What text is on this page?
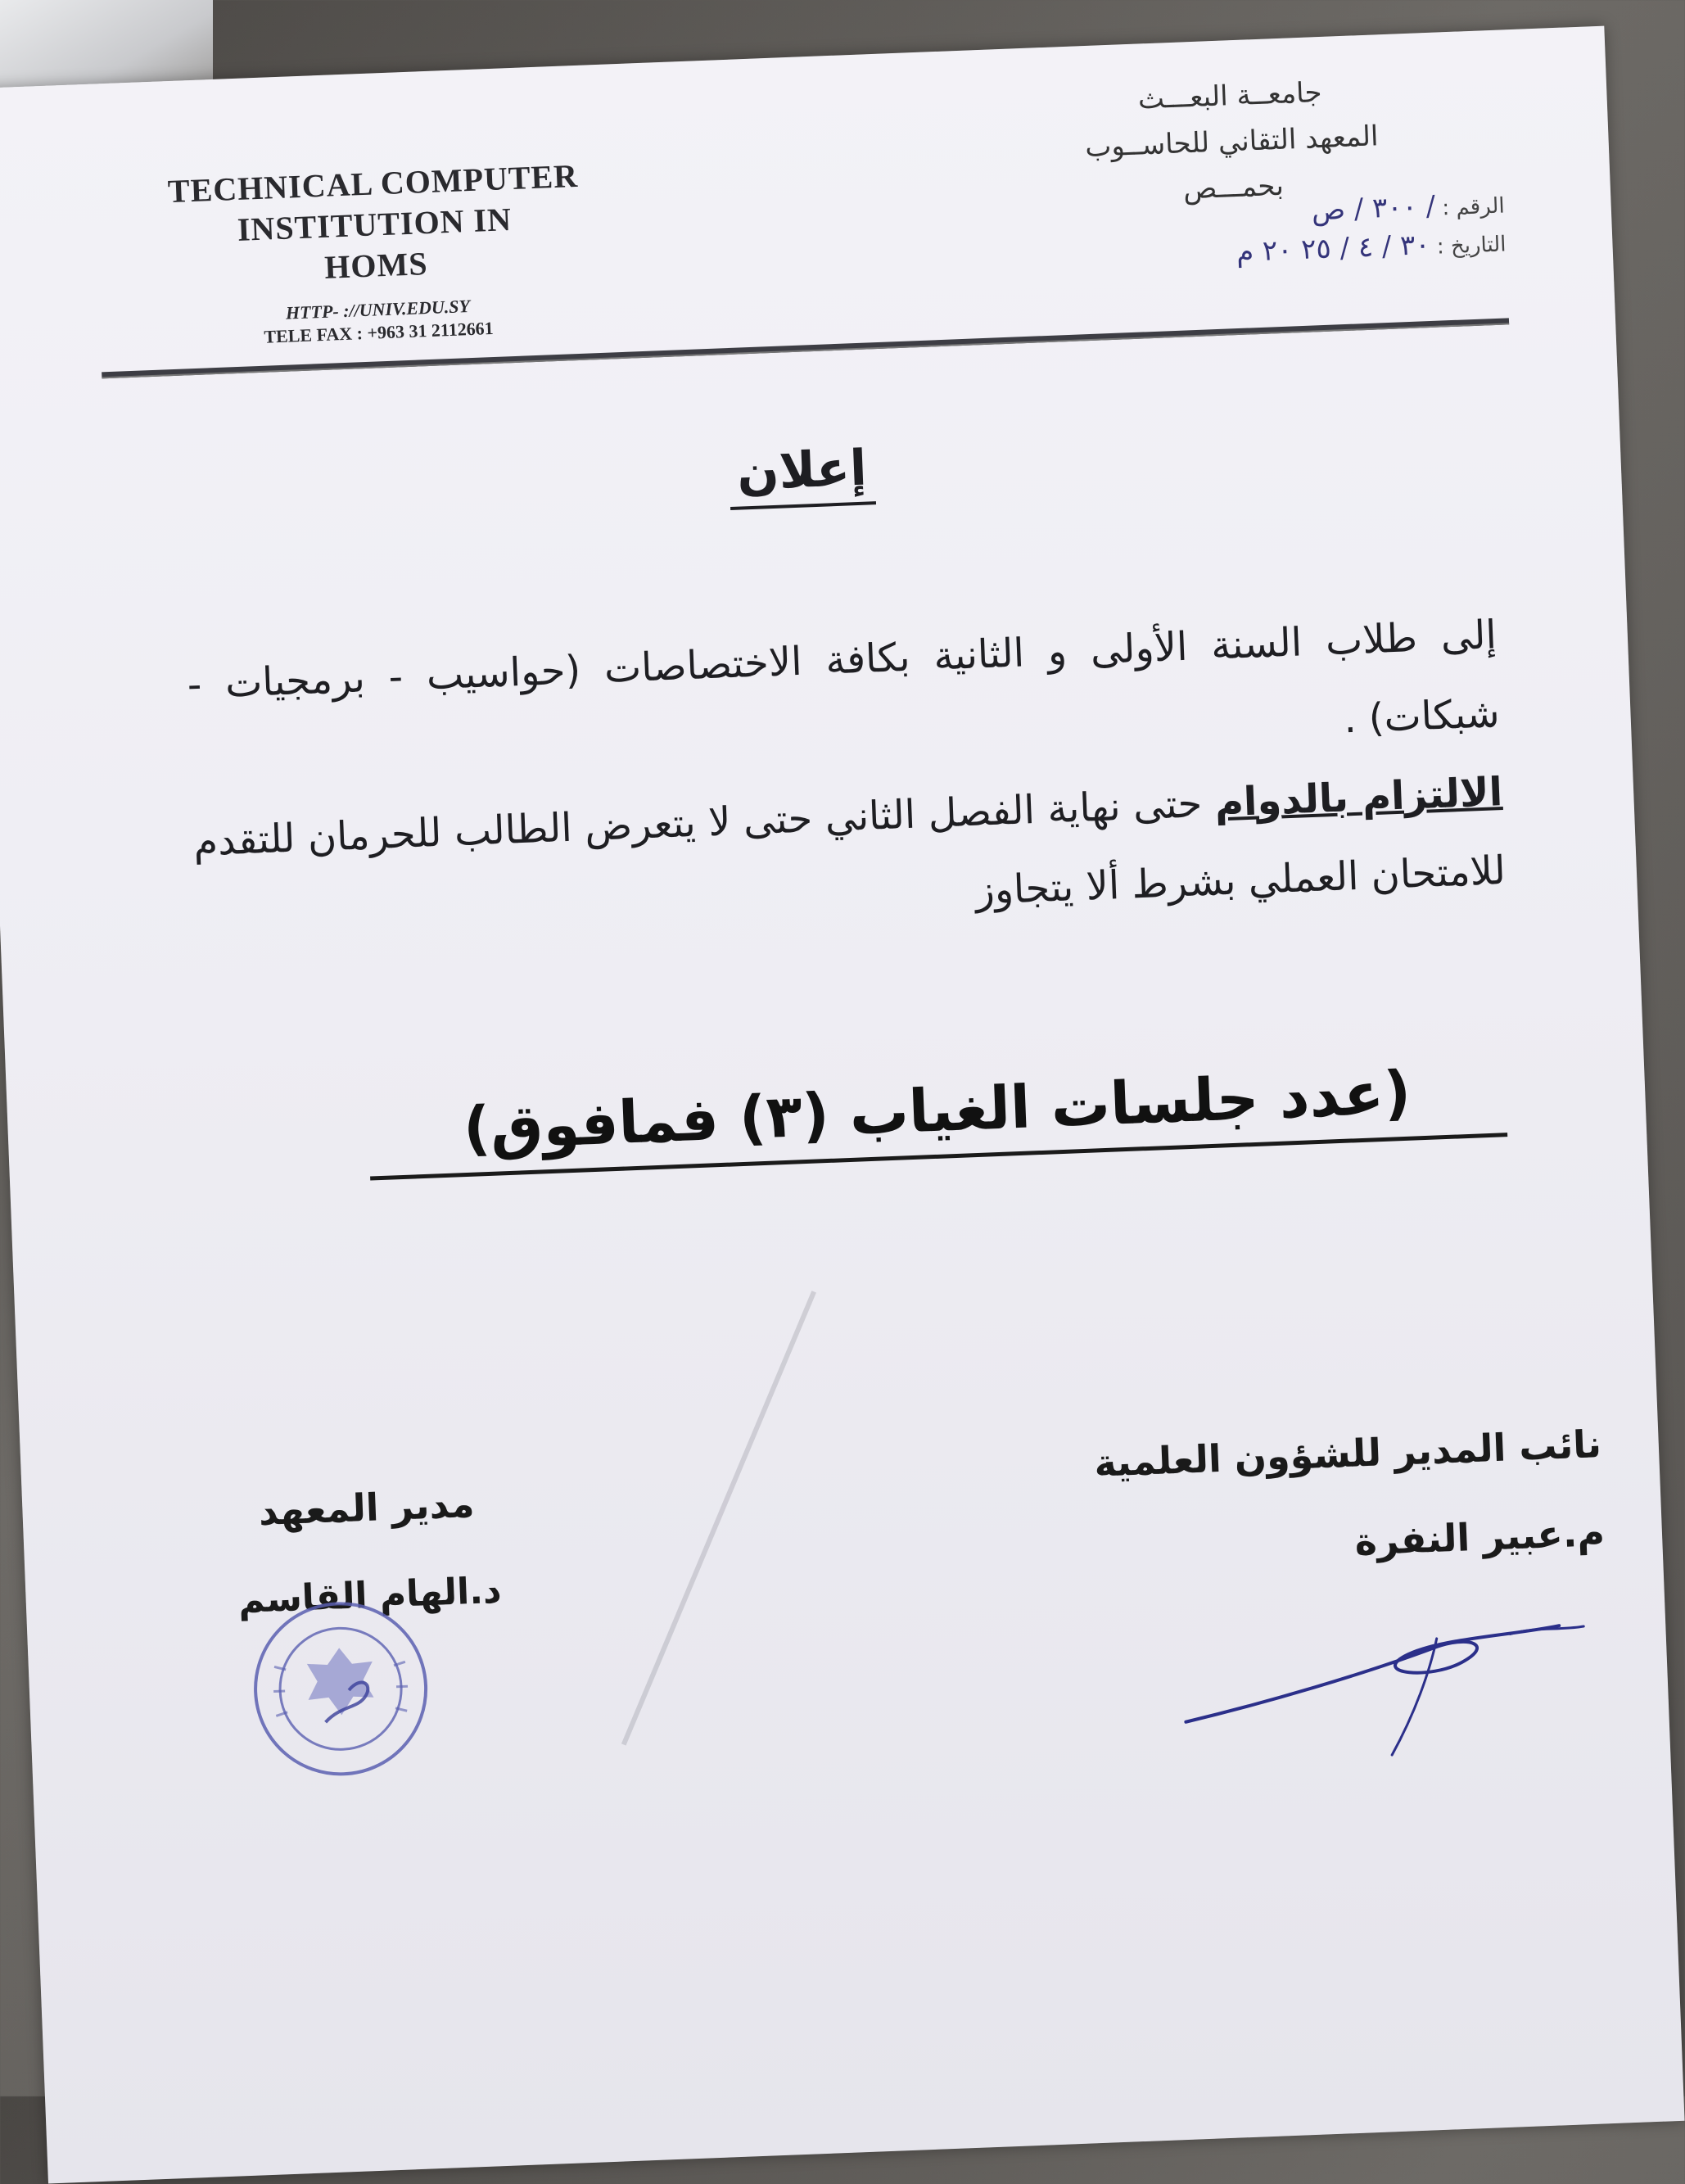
TECHNICAL COMPUTER
INSTITUTION IN
HOMS
HTTP- ://UNIV.EDU.SY
TELE FAX : +963 31 2112661
جامعــة البعـــث
المعهد التقاني للحاســوب
بحمـــص
الرقم : / ٣٠٠ / ص
التاريخ : ٣٠ / ٤ / ٢٥ ٢٠ م
إعلان

إلى طلاب السنة الأولى و الثانية بكافة الاختصاصات (حواسيب - برمجيات - شبكات) .

الالتزام بالدوام حتى نهاية الفصل الثاني حتى لا يتعرض الطالب للحرمان للتقدم للامتحان العملي بشرط ألا يتجاوز

(عدد جلسات الغياب (٣) فمافوق)
نائب المدير للشؤون العلمية
م.عبير النفرة
مدير المعهد
د.الهام القاسم
